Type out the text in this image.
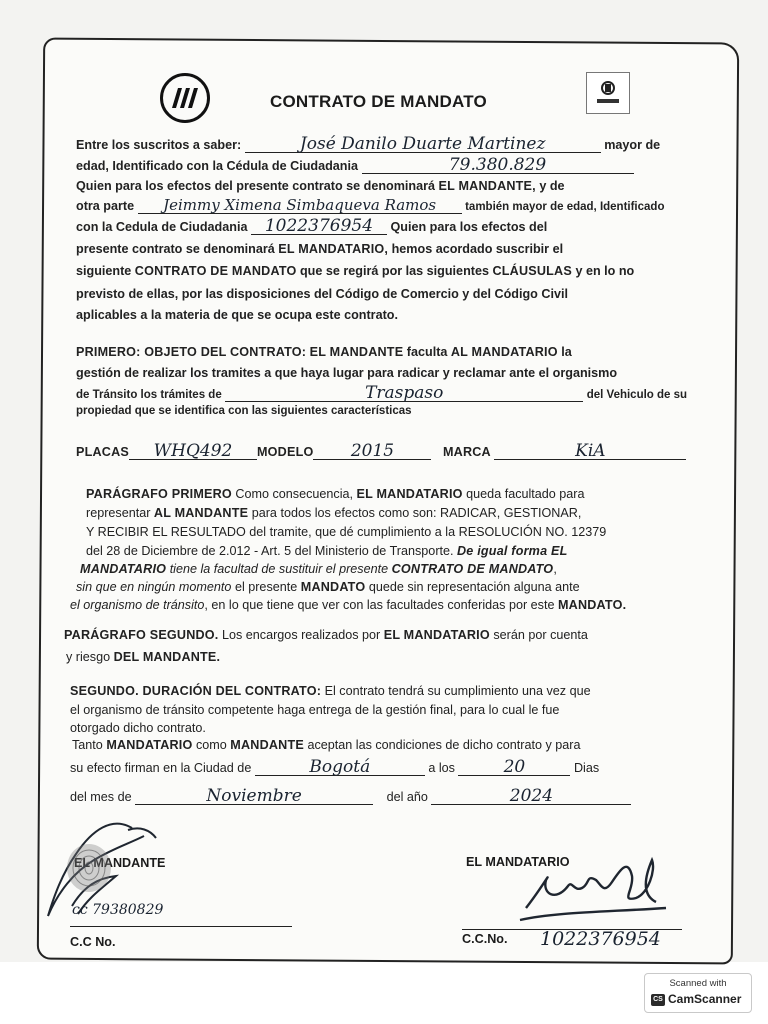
CONTRATO DE MANDATO
Entre los suscritos a saber:	José Danilo Duarte Martinez	mayor de
edad, Identificado con la Cédula de Ciudadania	79.380.829
Quien para los efectos del presente contrato se denominará EL MANDANTE, y de
otra parte Jeimmy Ximena Simbaqueva Ramos	también mayor de edad, Identificado
con la Cedula de Ciudadania 1022376954 Quien para los efectos del
presente contrato se denominará EL MANDATARIO, hemos acordado suscribir el
siguiente CONTRATO DE MANDATO que se regirá por las siguientes CLÁUSULAS y en lo no
previsto de ellas, por las disposiciones del Código de Comercio y del Código Civil
aplicables a la materia de que se ocupa este contrato.
PRIMERO: OBJETO DEL CONTRATO: EL MANDANTE faculta AL MANDATARIO la
gestión de realizar los tramites a que haya lugar para radicar y reclamar ante el organismo
de Tránsito los trámites de	Traspaso	del Vehiculo de su
propiedad que se identifica con las siguientes características
PLACAS WHQ492 MODELO 2015	MARCA	KiA
PARÁGRAFO PRIMERO Como consecuencia, EL MANDATARIO queda facultado para
representar AL MANDANTE para todos los efectos como son: RADICAR, GESTIONAR,
Y RECIBIR EL RESULTADO del tramite, que dé cumplimiento a la RESOLUCIÓN NO. 12379
del 28 de Diciembre de 2.012 - Art. 5 del Ministerio de Transporte. De igual forma EL
MANDATARIO tiene la facultad de sustituir el presente CONTRATO DE MANDATO,
sin que en ningún momento el presente MANDATO quede sin representación alguna ante
el organismo de tránsito, en lo que tiene que ver con las facultades conferidas por este MANDATO.
PARÁGRAFO SEGUNDO. Los encargos realizados por EL MANDATARIO serán por cuenta
y riesgo DEL MANDANTE.
SEGUNDO. DURACIÓN DEL CONTRATO: El contrato tendrá su cumplimiento una vez que
el organismo de tránsito competente haga entrega de la gestión final, para lo cual le fue
otorgado dicho contrato.
Tanto MANDATARIO como MANDANTE aceptan las condiciones de dicho contrato y para
su efecto firman en la Ciudad de	Bogotá	a los	20	Dias
del mes de	Noviembre	del año	2024
EL MANDANTE
cc 79380829
C.C No.
EL MANDATARIO
C.C.No. 1022376954
Scanned with
CS CamScanner
